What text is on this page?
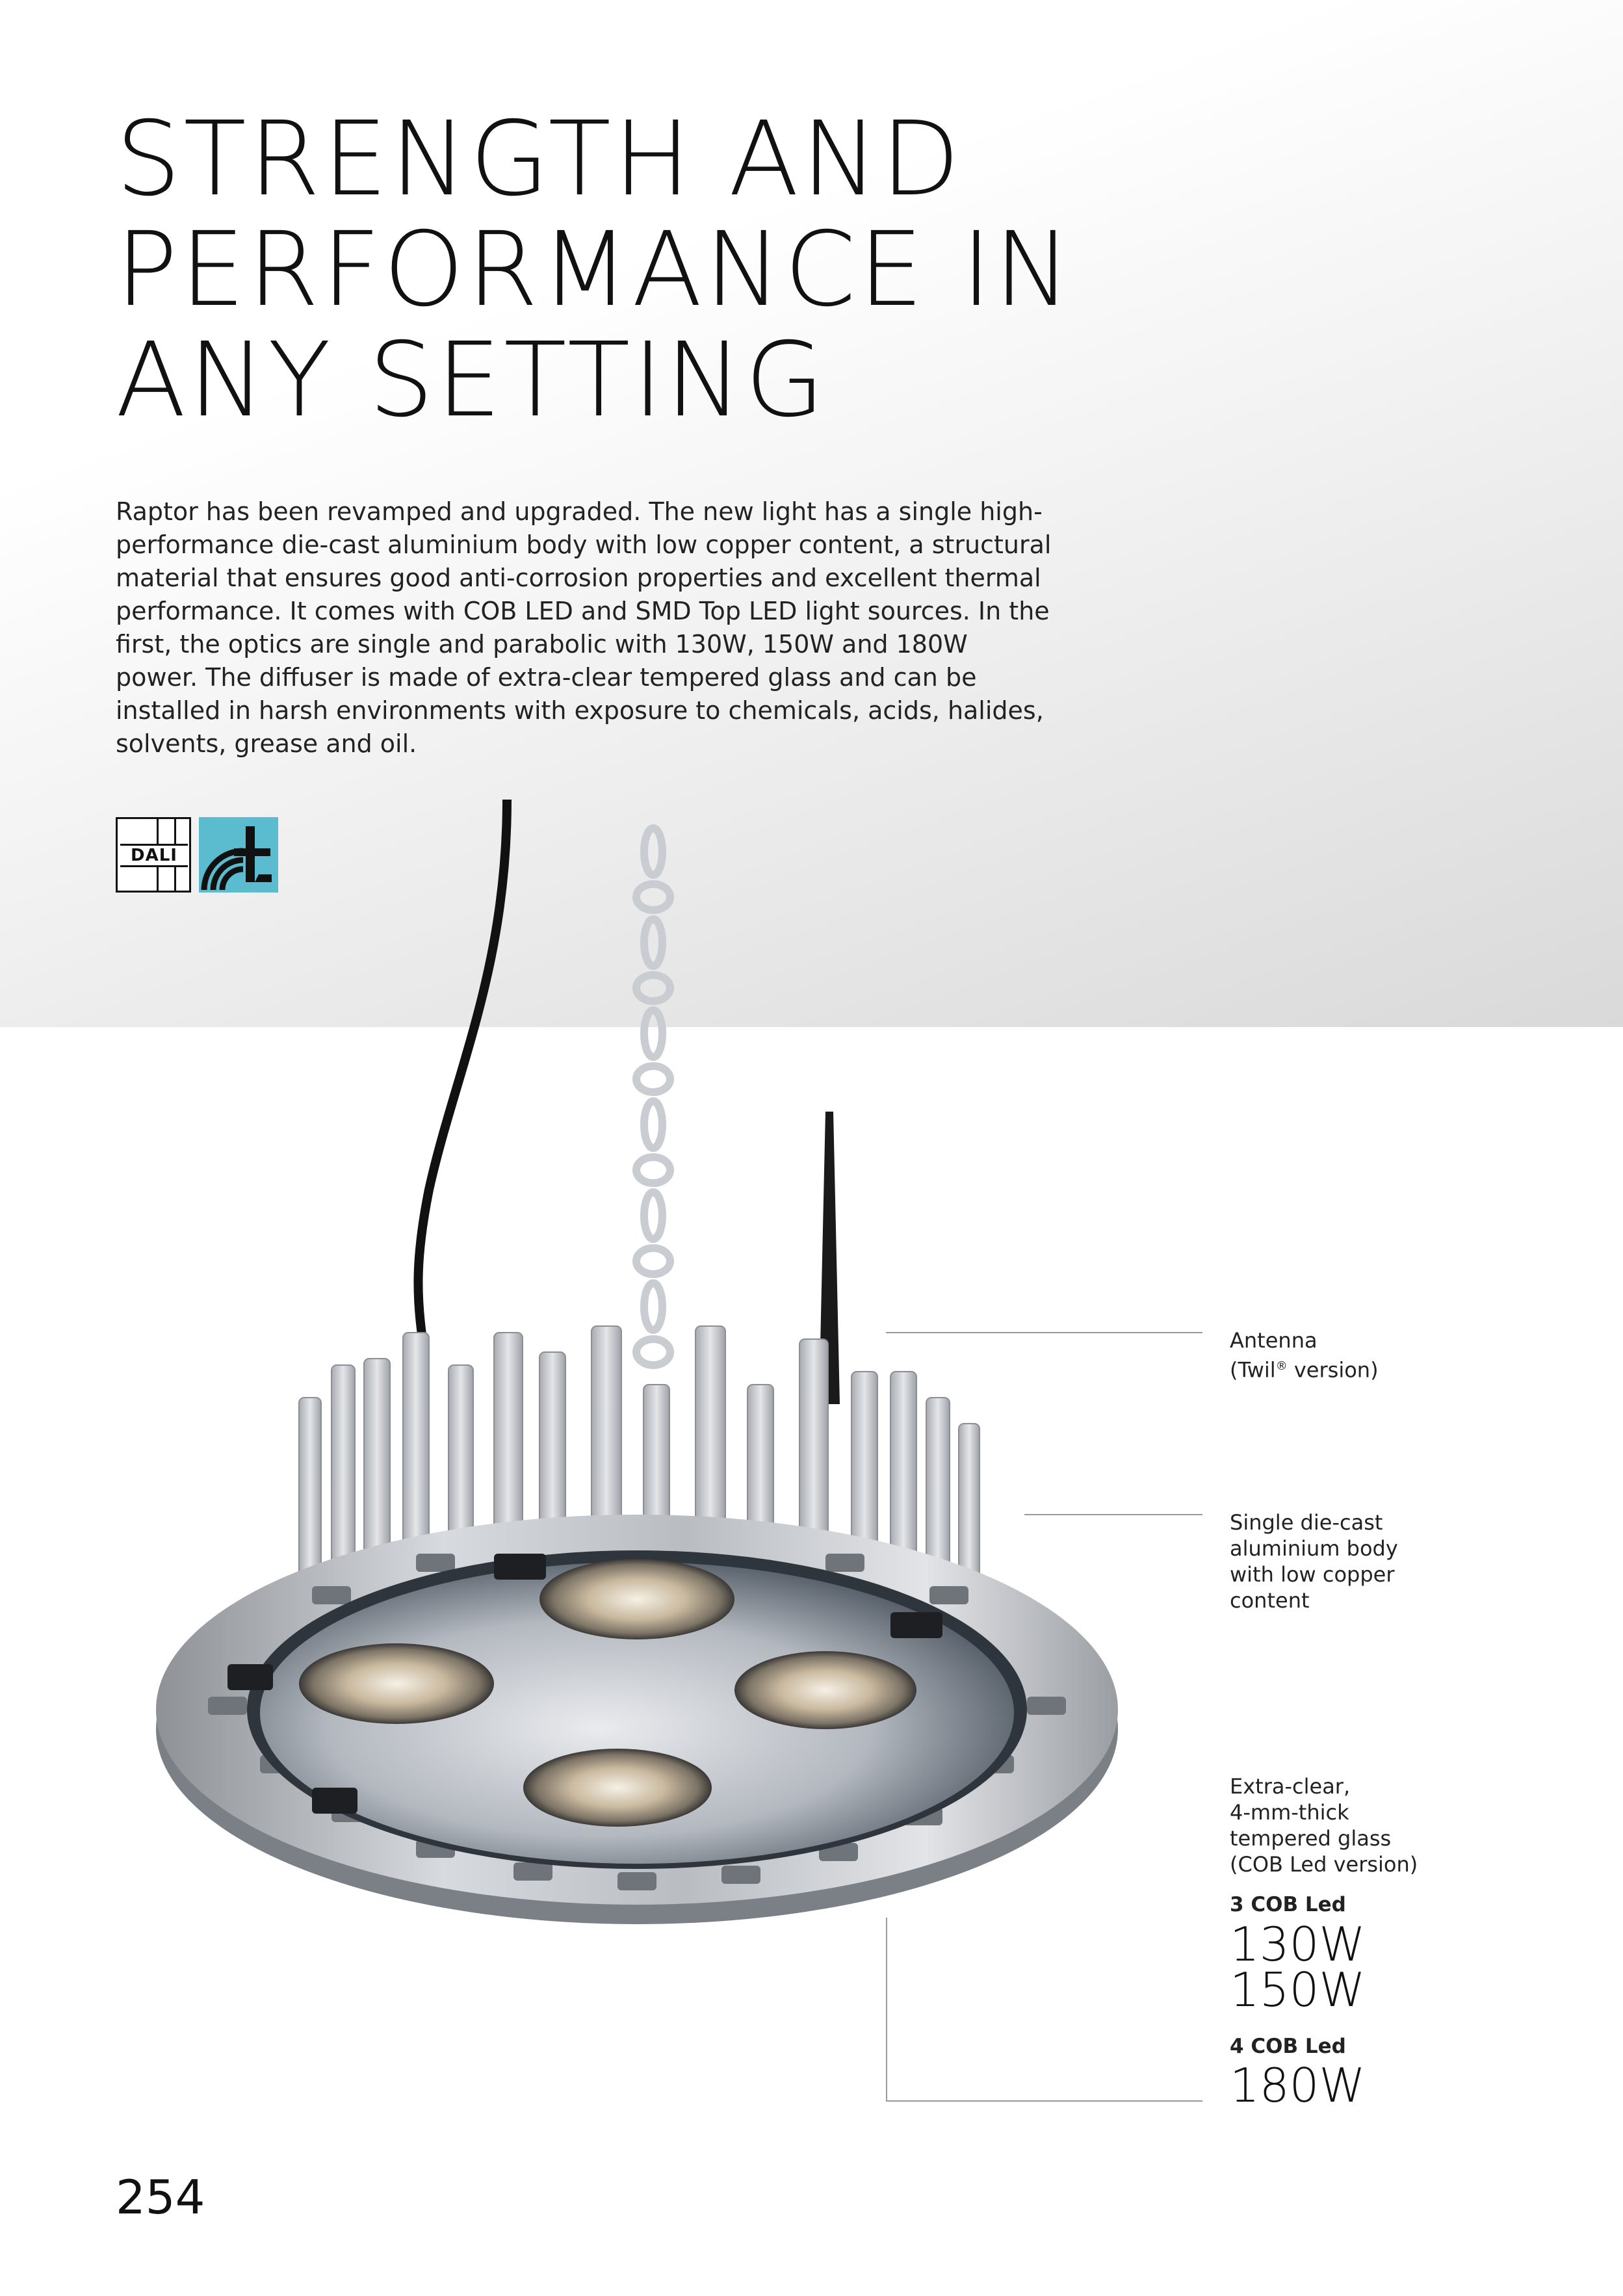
STRENGTH AND
PERFORMANCE IN
ANY SETTING

Raptor has been revamped and upgraded. The new light has a single high-performance die-cast aluminium body with low copper content, a structural material that ensures good anti-corrosion properties and excellent thermal performance. It comes with COB LED and SMD Top LED light sources. In the first, the optics are single and parabolic with 130W, 150W and 180W power. The diffuser is made of extra-clear tempered glass and can be installed in harsh environments with exposure to chemicals, acids, halides, solvents, grease and oil.

DALI
Antenna
(Twil® version)
Single die-cast
aluminium body
with low copper
content
Extra-clear,
4-mm-thick
tempered glass
(COB Led version)
3 COB Led
130W
150W
4 COB Led
180W
254
